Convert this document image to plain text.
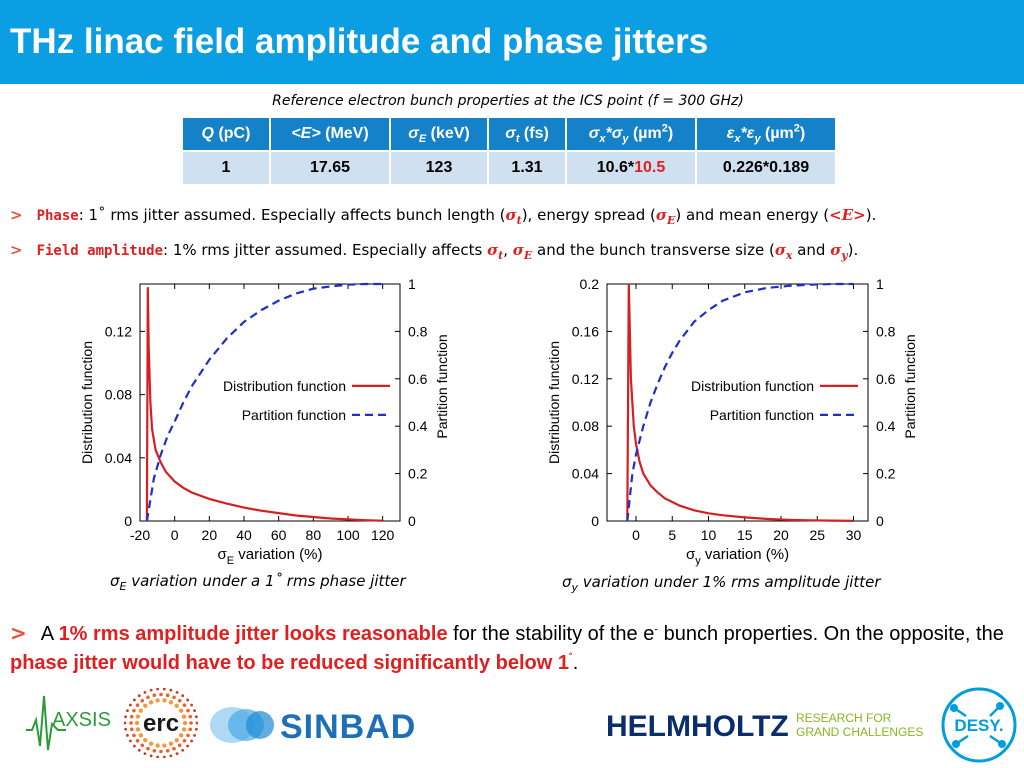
THz linac field amplitude and phase jitters
Reference electron bunch properties at the ICS point (f = 300 GHz)
Q (pC)	<E> (MeV)	$\sigma_E$ (keV)	$\sigma_t$ (fs)	$\sigma_x*\sigma_y$ (µm$^2$)	$\varepsilon_x*\varepsilon_y$ (µm$^2$)
1	17.65	123	1.31	10.6*10.5	0.226*0.189
> Phase: 1˚ rms jitter assumed. Especially affects bunch length $(\sigma_t)$, energy spread $(\sigma_E)$ and mean energy (<E>).
> Field amplitude: 1% rms jitter assumed. Especially affects $\sigma_t$, $\sigma_E$ and the bunch transverse size ($\sigma_x$ and $\sigma_y$).
-20 0 20 40 60 80 100 120
0
0.04
0.08
0.12
0
0.2
0.4
0.6
0.8
1
$\sigma_E$ variation (%)
Distribution function	Partition function
Distribution function
Partition function
0 5 10 15 20 25 30
0
0.04
0.08
0.12
0.16
0.2
0
0.2
0.4
0.6
0.8
1
$\sigma_y$ variation (%)
Distribution function	Partition function
Distribution function
Partition function
$\sigma_E$ variation under a 1˚ rms phase jitter	$\sigma_y$ variation under 1% rms amplitude jitter
> A 1% rms amplitude jitter looks reasonable for the stability of the e- bunch properties. On the opposite, the phase jitter would have to be reduced significantly below 1˚.
AXSIS erc	SINBAD	HELMHOLTZ RESEARCH FOR
GRAND CHALLENGES DESY.
